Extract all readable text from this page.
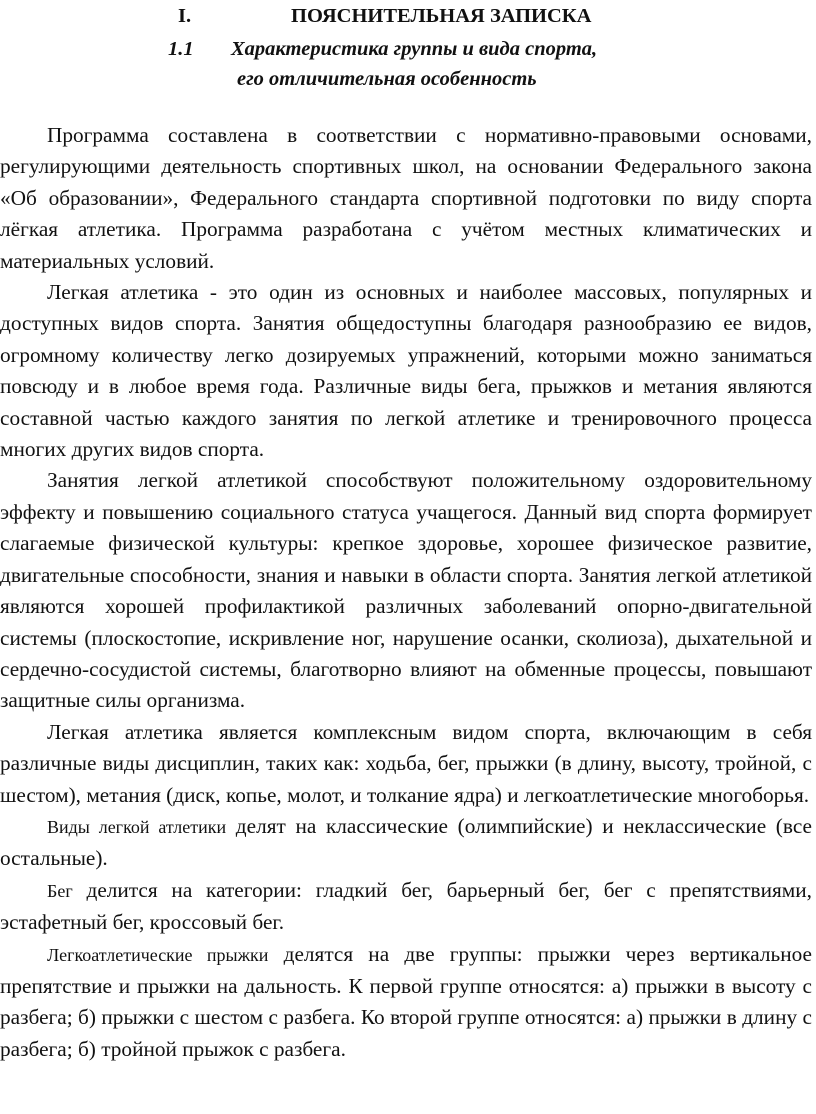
I.	ПОЯСНИТЕЛЬНАЯ ЗАПИСКА
1.1 Характеристика группы и вида спорта,
его отличительная особенность

Программа составлена в соответствии с нормативно-правовыми основами, регулирующими деятельность спортивных школ, на основании Федерального закона «Об образовании», Федерального стандарта спортивной подготовки по виду спорта лёгкая атлетика. Программа разработана с учётом местных климатических и материальных условий.

Легкая атлетика - это один из основных и наиболее массовых, популярных и доступных видов спорта. Занятия общедоступны благодаря разнообразию ее видов, огромному количеству легко дозируемых упражнений, которыми можно заниматься повсюду и в любое время года. Различные виды бега, прыжков и метания являются составной частью каждого занятия по легкой атлетике и тренировочного процесса многих других видов спорта.

Занятия легкой атлетикой способствуют положительному оздоровительному эффекту и повышению социального статуса учащегося. Данный вид спорта формирует слагаемые физической культуры: крепкое здоровье, хорошее физическое развитие, двигательные способности, знания и навыки в области спорта. Занятия легкой атлетикой являются хорошей профилактикой различных заболеваний опорно-двигательной системы (плоскостопие, искривление ног, нарушение осанки, сколиоза), дыхательной и сердечно-сосудистой системы, благотворно влияют на обменные процессы, повышают защитные силы организма.

Легкая атлетика является комплексным видом спорта, включающим в себя различные виды дисциплин, таких как: ходьба, бег, прыжки (в длину, высоту, тройной, с шестом), метания (диск, копье, молот, и толкание ядра) и легкоатлетические многоборья.

Виды легкой атлетики делят на классические (олимпийские) и неклассические (все остальные).

Бег делится на категории: гладкий бег, барьерный бег, бег с препятствиями, эстафетный бег, кроссовый бег.

Легкоатлетические прыжки делятся на две группы: прыжки через вертикальное препятствие и прыжки на дальность. К первой группе относятся: а) прыжки в высоту с разбега; б) прыжки с шестом с разбега. Ко второй группе относятся: а) прыжки в длину с разбега; б) тройной прыжок с разбега.
